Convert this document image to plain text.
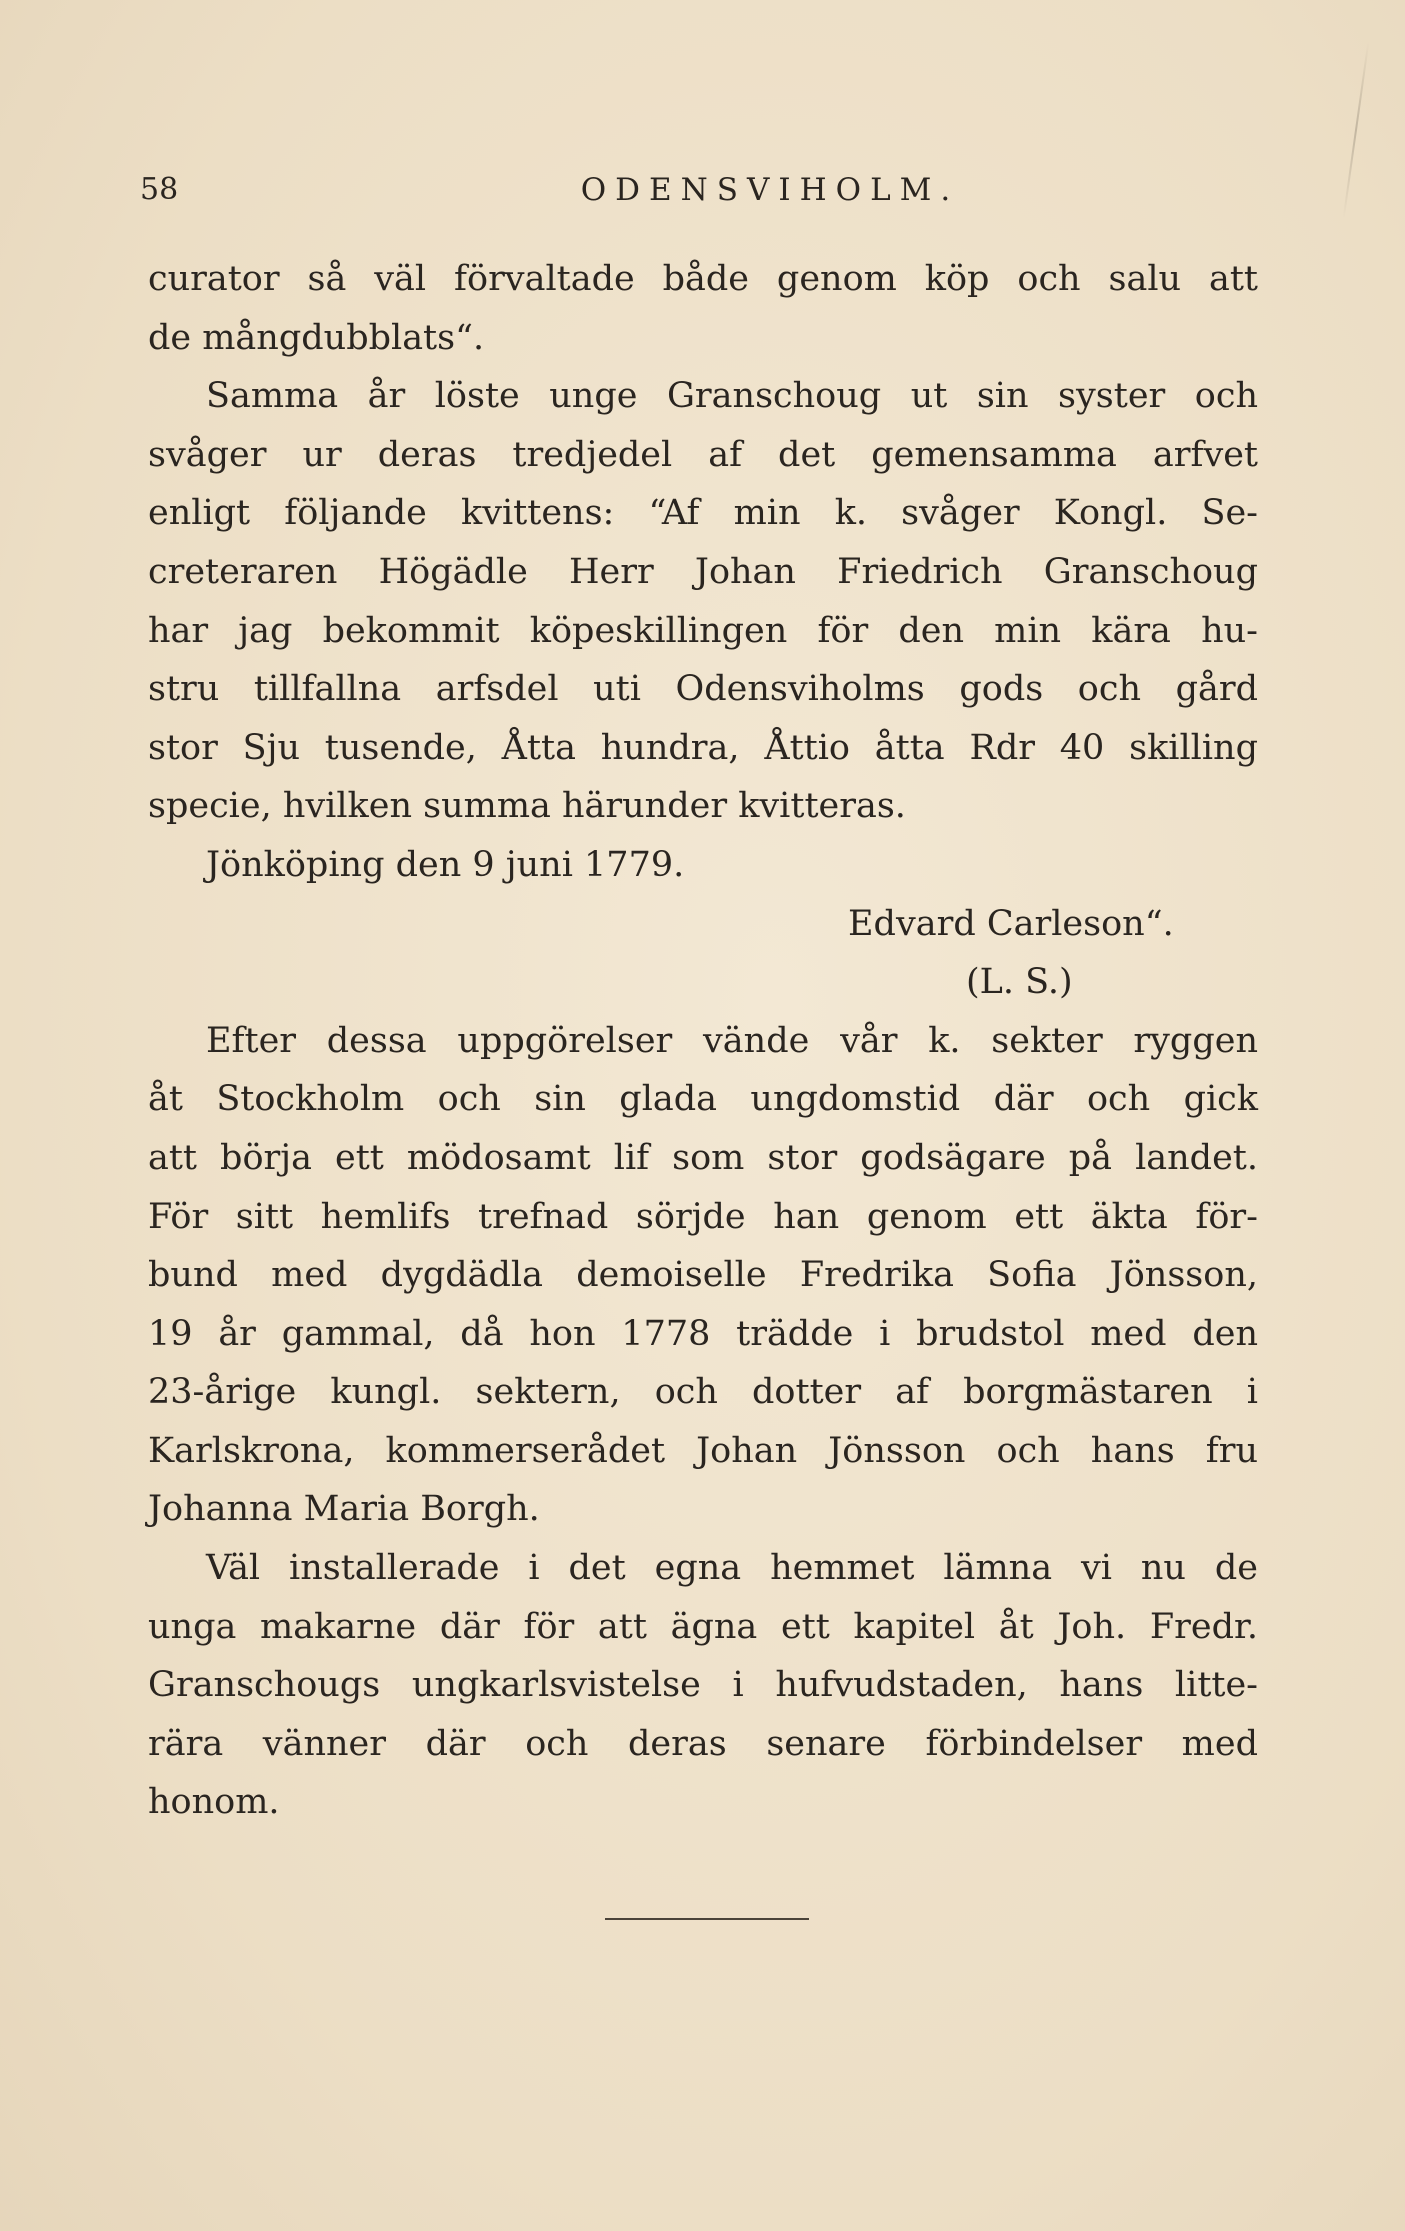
58	ODENSVIHOLM.
curator så väl förvaltade både genom köp och salu att
de mångdubblats“.
Samma år löste unge Granschoug ut sin syster och
svåger ur deras tredjedel af det gemensamma arfvet
enligt följande kvittens: “Af min k. svåger Kongl. Se-
creteraren Högädle Herr Johan Friedrich Granschoug
har jag bekommit köpeskillingen för den min kära hu-
stru tillfallna arfsdel uti Odensviholms gods och gård
stor Sju tusende, Åtta hundra, Åttio åtta Rdr 40 skilling
specie, hvilken summa härunder kvitteras.
Jönköping den 9 juni 1779.
Edvard Carleson“.
(L. S.)
Efter dessa uppgörelser vände vår k. sekter ryggen
åt Stockholm och sin glada ungdomstid där och gick
att börja ett mödosamt lif som stor godsägare på landet.
För sitt hemlifs trefnad sörjde han genom ett äkta för-
bund med dygdädla demoiselle Fredrika Sofia Jönsson,
19 år gammal, då hon 1778 trädde i brudstol med den
23-årige kungl. sektern, och dotter af borgmästaren i
Karlskrona, kommerserådet Johan Jönsson och hans fru
Johanna Maria Borgh.
Väl installerade i det egna hemmet lämna vi nu de
unga makarne där för att ägna ett kapitel åt Joh. Fredr.
Granschougs ungkarlsvistelse i hufvudstaden, hans litte-
rära vänner där och deras senare förbindelser med
honom.
